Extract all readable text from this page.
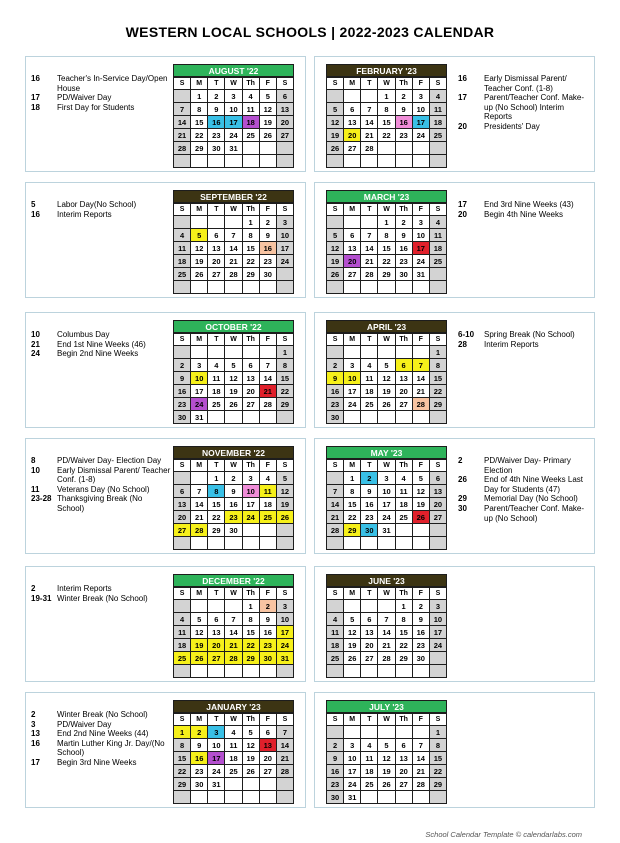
WESTERN LOCAL SCHOOLS | 2022-2023 CALENDAR
16	Teacher's In-Service Day/Open House
17	PD/Waiver Day
18	First Day for Students
AUGUST '22
S	M	T	W	Th	F	S
	1	2	3	4	5	6
7	8	9	10	11	12	13
14	15	16	17	18	19	20
21	22	23	24	25	26	27
28	29	30	31			

16	Early Dismissal Parent/ Teacher Conf. (1-8)
17	Parent/Teacher Conf. Make-up (No School) Interim Reports
20	Presidents' Day
FEBRUARY '23
S	M	T	W	Th	F	S
			1	2	3	4
5	6	7	8	9	10	11
12	13	14	15	16	17	18
19	20	21	22	23	24	25
26	27	28				

5	Labor Day(No School)
16	Interim Reports
SEPTEMBER '22
S	M	T	W	Th	F	S
				1	2	3
4	5	6	7	8	9	10
11	12	13	14	15	16	17
18	19	20	21	22	23	24
25	26	27	28	29	30	

17	End 3rd Nine Weeks (43)
20	Begin 4th Nine Weeks
MARCH '23
S	M	T	W	Th	F	S
			1	2	3	4
5	6	7	8	9	10	11
12	13	14	15	16	17	18
19	20	21	22	23	24	25
26	27	28	29	30	31	

10	Columbus Day
21	End 1st Nine Weeks (46)
24	Begin 2nd Nine Weeks
OCTOBER '22
S	M	T	W	Th	F	S
						1
2	3	4	5	6	7	8
9	10	11	12	13	14	15
16	17	18	19	20	21	22
23	24	25	26	27	28	29
30	31					
6-10	Spring Break (No School)
28	Interim Reports
APRIL '23
S	M	T	W	Th	F	S
						1
2	3	4	5	6	7	8
9	10	11	12	13	14	15
16	17	18	19	20	21	22
23	24	25	26	27	28	29
30						
8	PD/Waiver Day- Election Day
10	Early Dismissal Parent/ Teacher Conf. (1-8)
11	Veterans Day (No School)
23-28 Thanksgiving Break (No School)
NOVEMBER '22
S	M	T	W	Th	F	S
		1	2	3	4	5
6	7	8	9	10	11	12
13	14	15	16	17	18	19
20	21	22	23	24	25	26
27	28	29	30			

2	PD/Waiver Day- Primary Election
26	End of 4th Nine Weeks Last Day for Students (47)
29	Memorial Day (No School)
30	Parent/Teacher Conf. Make-up (No School)
MAY '23
S	M	T	W	Th	F	S
	1	2	3	4	5	6
7	8	9	10	11	12	13
14	15	16	17	18	19	20
21	22	23	24	25	26	27
28	29	30	31			

2	Interim Reports
19-31 Winter Break (No School)
DECEMBER '22
S	M	T	W	Th	F	S
				1	2	3
4	5	6	7	8	9	10
11	12	13	14	15	16	17
18	19	20	21	22	23	24
25	26	27	28	29	30	31

JUNE '23
S	M	T	W	Th	F	S
				1	2	3
4	5	6	7	8	9	10
11	12	13	14	15	16	17
18	19	20	21	22	23	24
25	26	27	28	29	30	

2	Winter Break (No School)
3	PD/Waiver Day
13	End 2nd Nine Weeks (44)
16	Martin Luther King Jr. Day/(No School)
17	Begin 3rd Nine Weeks
JANUARY '23
S	M	T	W	Th	F	S
1	2	3	4	5	6	7
8	9	10	11	12	13	14
15	16	17	18	19	20	21
22	23	24	25	26	27	28
29	30	31				

JULY '23
S	M	T	W	Th	F	S
						1
2	3	4	5	6	7	8
9	10	11	12	13	14	15
16	17	18	19	20	21	22
23	24	25	26	27	28	29
30	31					
School Calendar Template © calendarlabs.com
